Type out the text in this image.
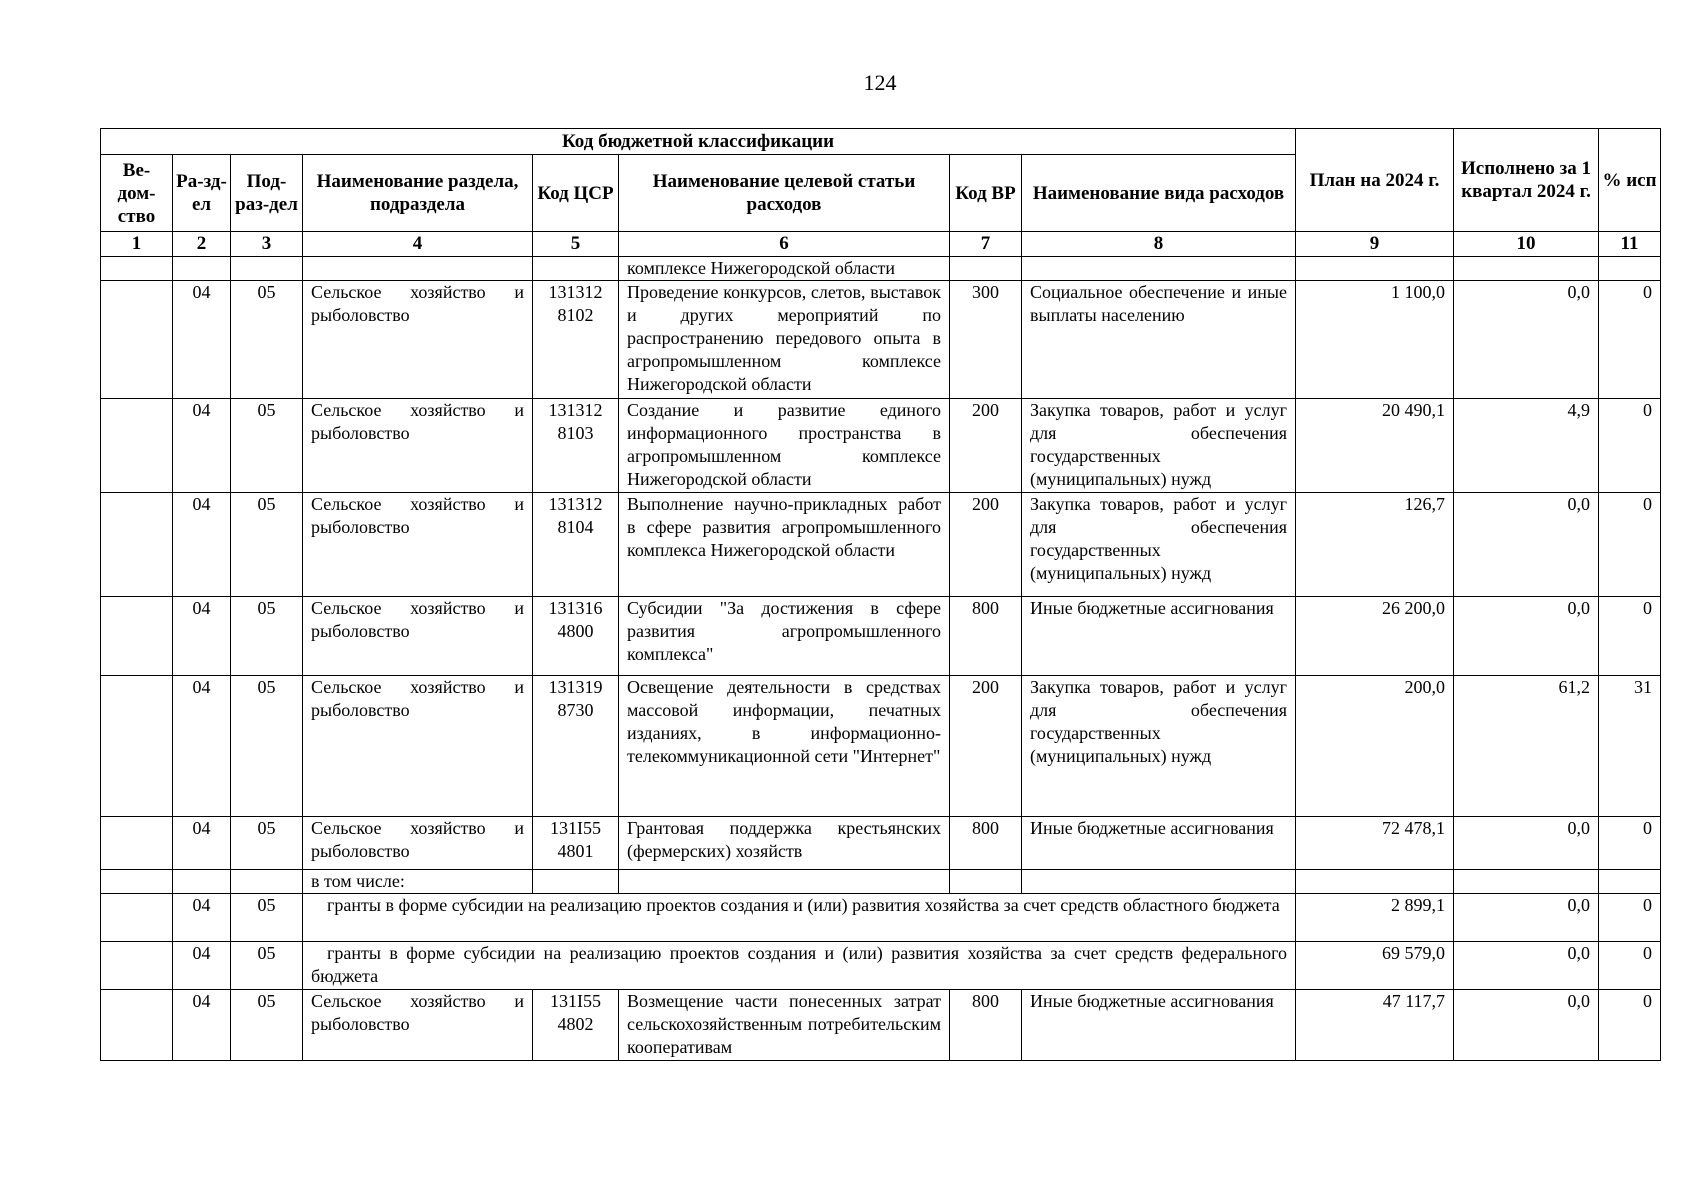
124
Код бюджетной классификации								План на 2024 г.	Исполнено за 1 квартал 2024 г.	% исп
Ве-дом-ство	Ра-зд-ел	Под-раз-дел	Наименование раздела, подраздела	Код ЦСР	Наименование целевой статьи расходов	Код ВР	Наименование вида расходов			
1	2	3	4	5	6	7	8	9	10	11
					комплексе Нижегородской области					
	04	05	Сельское хозяйство и рыболовство	131312 8102	Проведение конкурсов, слетов, выставок и других мероприятий по распространению передового опыта в агропромышленном комплексе Нижегородской области	300	Социальное обеспечение и иные выплаты населению	1 100,0	0,0	0
	04	05	Сельское хозяйство и рыболовство	131312 8103	Создание и развитие единого информационного пространства в агропромышленном комплексе Нижегородской области	200	Закупка товаров, работ и услуг для обеспечения государственных (муниципальных) нужд	20 490,1	4,9	0
	04	05	Сельское хозяйство и рыболовство	131312 8104	Выполнение научно-прикладных работ в сфере развития агропромышленного комплекса Нижегородской области	200	Закупка товаров, работ и услуг для обеспечения государственных (муниципальных) нужд	126,7	0,0	0
	04	05	Сельское хозяйство и рыболовство	131316 4800	Субсидии "За достижения в сфере развития агропромышленного комплекса"	800	Иные бюджетные ассигнования	26 200,0	0,0	0
	04	05	Сельское хозяйство и рыболовство	131319 8730	Освещение деятельности в средствах массовой информации, печатных изданиях, в информационно-телекоммуникационной сети "Интернет"	200	Закупка товаров, работ и услуг для обеспечения государственных (муниципальных) нужд	200,0	61,2	31
	04	05	Сельское хозяйство и рыболовство	131I55 4801	Грантовая поддержка крестьянских (фермерских) хозяйств	800	Иные бюджетные ассигнования	72 478,1	0,0	0
			в том числе:							
	04	05	гранты в форме субсидии на реализацию проектов создания и (или) развития хозяйства за счет средств областного бюджета					2 899,1	0,0	0
	04	05	гранты в форме субсидии на реализацию проектов создания и (или) развития хозяйства за счет средств федерального бюджета					69 579,0	0,0	0
	04	05	Сельское хозяйство и рыболовство	131I55 4802	Возмещение части понесенных затрат сельскохозяйственным потребительским кооперативам	800	Иные бюджетные ассигнования	47 117,7	0,0	0
